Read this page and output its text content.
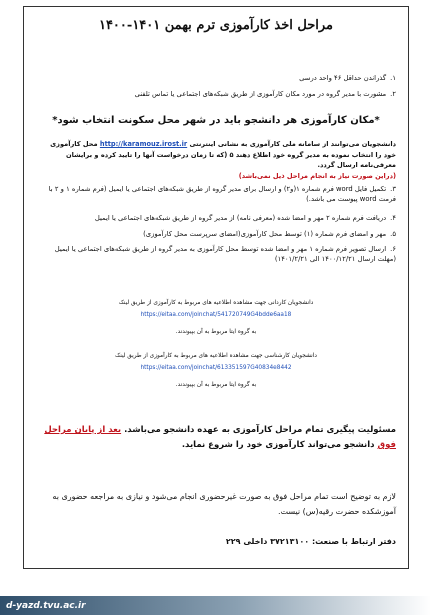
مراحل اخذ کارآموزی ترم بهمن ۱۴۰۱-۱۴۰۰
۱.گذراندن حداقل ۴۶ واحد درسی
۲.مشورت با مدیر گروه در مورد مکان کارآموزی از طریق شبکه‌های اجتماعی یا تماس تلفنی
*مکان کارآموزی هر دانشجو باید در شهر محل سکونت انتخاب شود*
دانشجویان می‌توانند از سامانه ملی کارآموزی به نشانی اینترنتی http://karamouz.irost.ir محل کارآموزی خود را انتخاب نموده به مدیر گروه خود اطلاع دهند ۵ (که تا زمان درخواست آنها را تایید کرده و برایشان معرفی‌نامه ارسال گردد.
(دراین صورت نیاز به انجام مراحل ذیل نمی‌باشد)
۳.تکمیل فایل word فرم شماره ۱(و۲) و ارسال برای مدیر گروه از طریق شبکه‌های اجتماعی یا ایمیل (فرم شماره ۱ و ۲ با فرمت word پیوست می باشد.)
۴.دریافت فرم شماره ۲ مهر و امضا شده (معرفی نامه) از مدیر گروه از طریق شبکه‌های اجتماعی یا ایمیل
۵.مهر و امضای فرم شماره (۱) توسط محل کارآموزی(امضای سرپرست محل کارآموزی)
۶.ارسال تصویر فرم شماره ۱ مهر و امضا شده توسط محل کارآموزی به مدیر گروه از طریق شبکه‌های اجتماعی یا ایمیل (مهلت ارسال ۱۴۰۰/۱۲/۲۱ الی ۱۴۰۱/۲/۲۱)
دانشجویان کاردانی جهت مشاهده اطلاعیه های مربوط به کارآموزی از طریق لینک
https://eitaa.com/joinchat/541720749G4bdde6aa18
به گروه ایتا مربوط به آن بپیوندند.
دانشجویان کارشناسی جهت مشاهده اطلاعیه های مربوط به کارآموزی از طریق لینک
https://eitaa.com/joinchat/613351597G40834e8442
به گروه ایتا مربوط به آن بپیوندند.
مسئولیت پیگیری تمام مراحل کارآموزی به عهده دانشجو می‌باشد. بعد از پایان مراحل فوق دانشجو می‌تواند کارآموزی خود را شروع نماید.
لازم به توضیح است تمام مراحل فوق به صورت غیرحضوری انجام می‌شود و نیازی به مراجعه حضوری به آموزشکده حضرت رقیه(س) نیست.
دفتر ارتباط با صنعت: ۳۷۲۱۳۱۰۰ داخلی ۲۲۹
d-yazd.tvu.ac.ir
